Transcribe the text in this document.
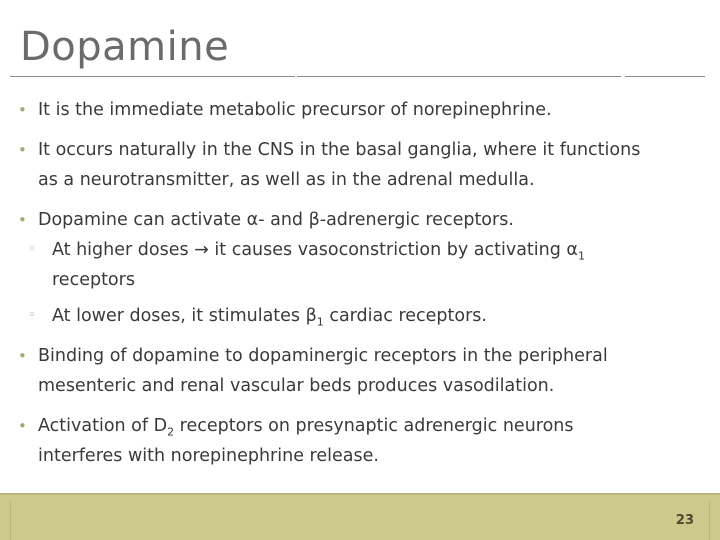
Dopamine

• It is the immediate metabolic precursor of norepinephrine.

• It occurs naturally in the CNS in the basal ganglia, where it functions
as a neurotransmitter, as well as in the adrenal medulla.

• Dopamine can activate α- and β-adrenergic receptors.

◦ At higher doses → it causes vasoconstriction by activating $\alpha_1$
receptors

◦ At lower doses, it stimulates $\beta_1$ cardiac receptors.

• Binding of dopamine to dopaminergic receptors in the peripheral
mesenteric and renal vascular beds produces vasodilation.

• Activation of $D_2$ receptors on presynaptic adrenergic neurons
interferes with norepinephrine release.

23
